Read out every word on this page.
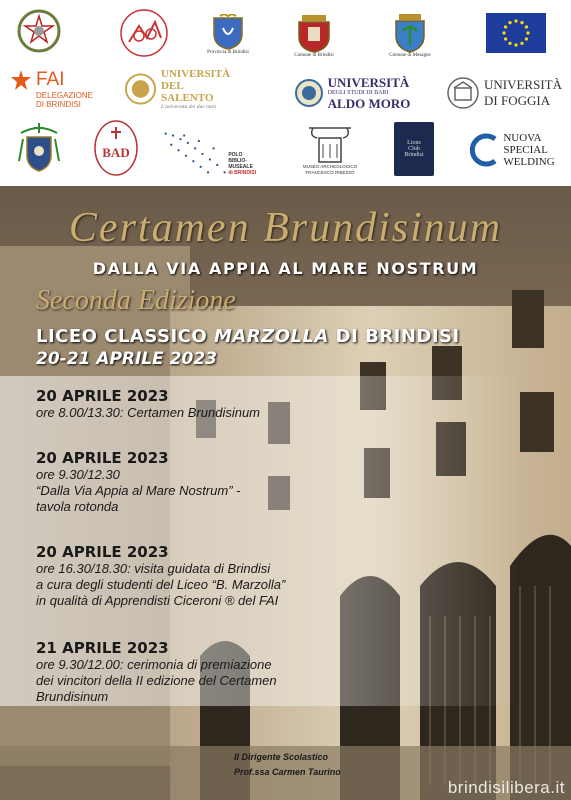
Provincia di Brindisi
Comune di Brindisi	Comune di Mesagne
FAI
DELEGAZIONE
DI BRINDISI
UNIVERSITÀ
DEL SALENTO
L'università dei due mari
UNIVERSITÀ
DEGLI STUDI DI BARI
ALDO MORO
UNIVERSITÀ
DI FOGGIA
BAD	POLO
BIBLIO-MUSEALE
di BRINDISI
MUSEO ARCHEOLOGICO
FRANCESCO RIBEZZO
Lions
Club
Brindisi
NUOVA
SPECIAL
WELDING
Certamen Brundisinum
DALLA VIA APPIA AL MARE NOSTRUM
Seconda Edizione
LICEO CLASSICO MARZOLLA DI BRINDISI
20-21 APRILE 2023
20 APRILE 2023
ore 8.00/13.30: Certamen Brundisinum
20 APRILE 2023
ore 9.30/12.30
“Dalla Via Appia al Mare Nostrum” -
tavola rotonda
20 APRILE 2023
ore 16.30/18.30: visita guidata di Brindisi
a cura degli studenti del Liceo “B. Marzolla”
in qualità di Apprendisti Ciceroni ® del FAI
21 APRILE 2023
ore 9.30/12.00: cerimonia di premiazione
dei vincitori della II edizione del Certamen
Brundisinum
Il Dirigente Scolastico
Prof.ssa Carmen Taurino
brindisilibera.it
